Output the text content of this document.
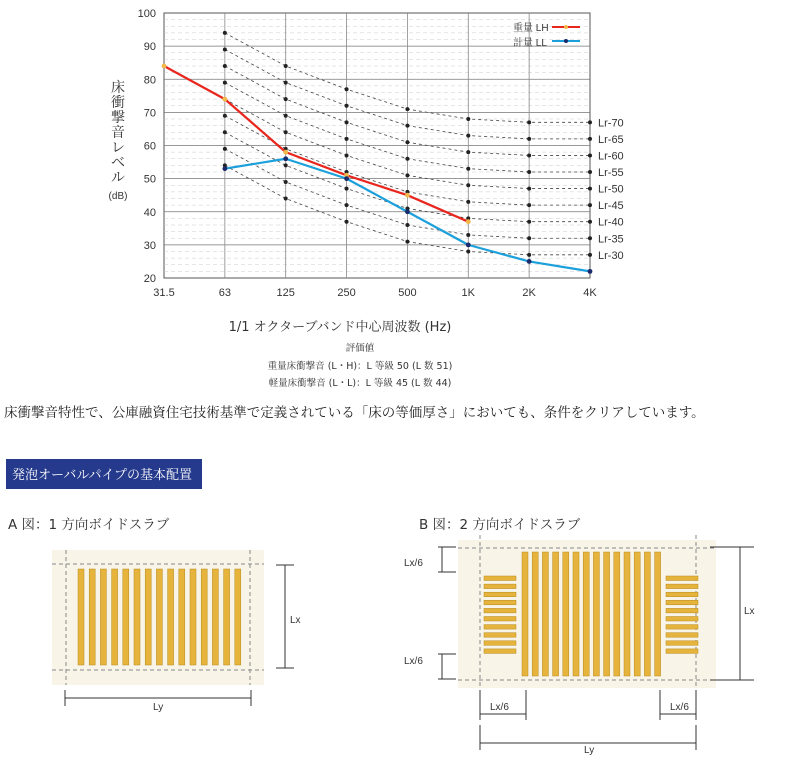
Lr-70
Lr-65
Lr-60
Lr-55
Lr-50
Lr-45
Lr-40
Lr-35
Lr-30
20
30
40
50
60
70
80
90
100
31.5	63	125	250	500	1K	2K	4K
床
衝
撃
音
レ
ベ
ル
(dB)
重量 LH
計量 LL
1/1 オクターブバンド中心周波数 (Hz)
評価値
重量床衝撃音 (L・H)：L 等級 50 (L 数 51)
軽量床衝撃音 (L・L)：L 等級 45 (L 数 44)
床衝撃音特性で、公庫融資住宅技術基準で定義されている「床の等価厚さ」においても、条件をクリアしています。
発泡オーバルパイプの基本配置
A 図：1 方向ボイドスラブ	B 図：2 方向ボイドスラブ
Lx
Ly
Lx
Lx/6
Lx/6
Lx/6	Lx/6
Ly
